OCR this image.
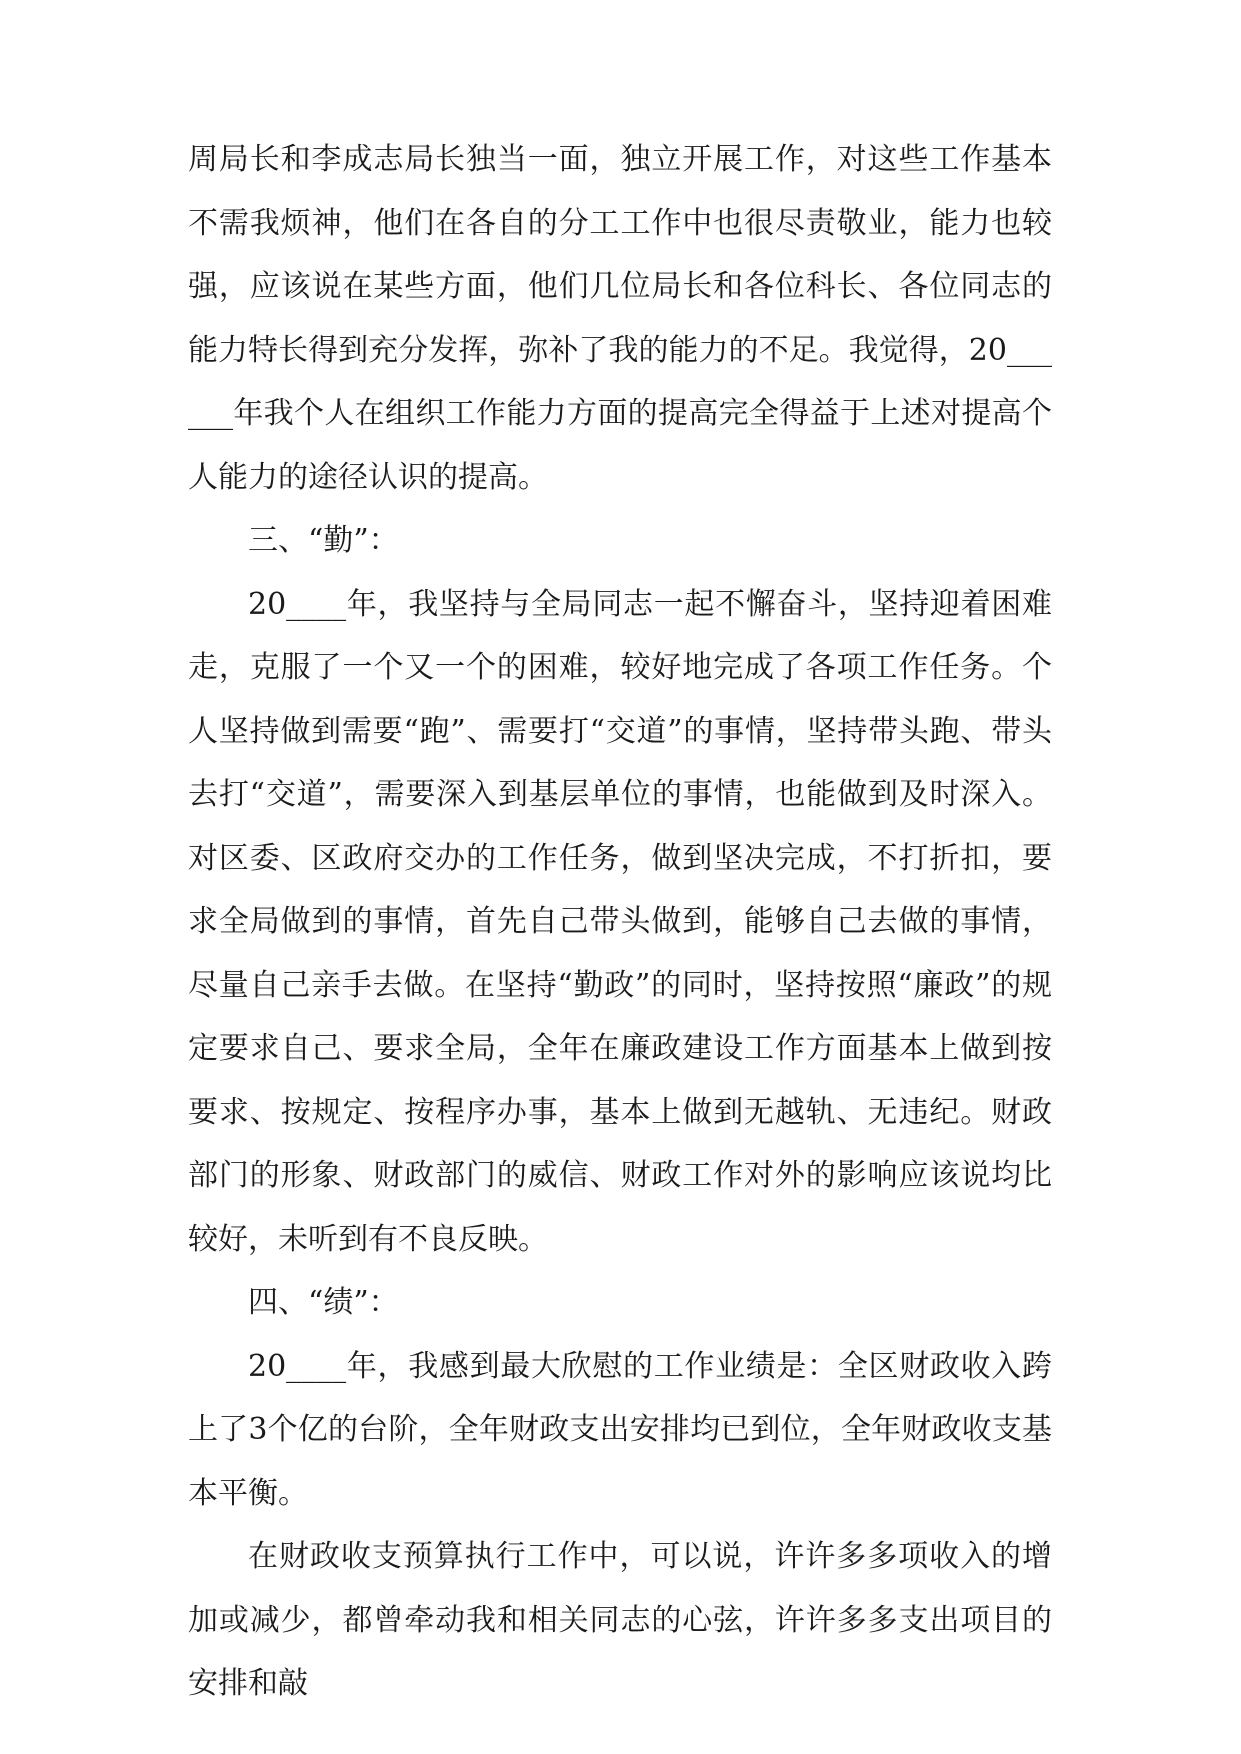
周局长和李成志局长独当一面，独立开展工作，对这些工作基本不需我烦神，他们在各自的分工工作中也很尽责敬业，能力也较强，应该说在某些方面，他们几位局长和各位科长、各位同志的能力特长得到充分发挥，弥补了我的能力的不足。我觉得，20______年我个人在组织工作能力方面的提高完全得益于上述对提高个人能力的途径认识的提高。

三、“勤”：

20____年，我坚持与全局同志一起不懈奋斗，坚持迎着困难走，克服了一个又一个的困难，较好地完成了各项工作任务。个人坚持做到需要“跑”、需要打“交道”的事情，坚持带头跑、带头去打“交道”，需要深入到基层单位的事情，也能做到及时深入。对区委、区政府交办的工作任务，做到坚决完成，不打折扣，要求全局做到的事情，首先自己带头做到，能够自己去做的事情，尽量自己亲手去做。在坚持“勤政”的同时，坚持按照“廉政”的规定要求自己、要求全局，全年在廉政建设工作方面基本上做到按要求、按规定、按程序办事，基本上做到无越轨、无违纪。财政部门的形象、财政部门的威信、财政工作对外的影响应该说均比较好，未听到有不良反映。

四、“绩”：

20____年，我感到最大欣慰的工作业绩是：全区财政收入跨上了3个亿的台阶，全年财政支出安排均已到位，全年财政收支基本平衡。

在财政收支预算执行工作中，可以说，许许多多项收入的增加或减少，都曾牵动我和相关同志的心弦，许许多多支出项目的安排和敲
